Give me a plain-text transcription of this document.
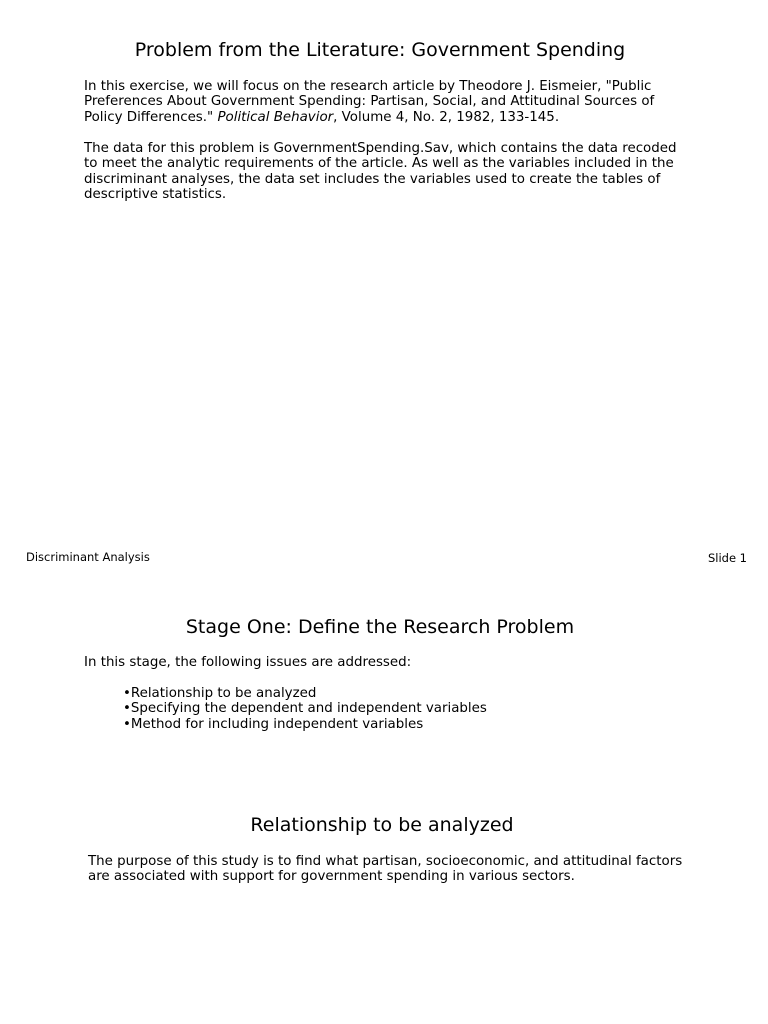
Problem from the Literature: Government Spending

In this exercise, we will focus on the research article by Theodore J. Eismeier, "Public Preferences About Government Spending: Partisan, Social, and Attitudinal Sources of Policy Differences." Political Behavior, Volume 4, No. 2, 1982, 133-145.

The data for this problem is GovernmentSpending.Sav, which contains the data recoded to meet the analytic requirements of the article. As well as the variables included in the discriminant analyses, the data set includes the variables used to create the tables of descriptive statistics.

Discriminant Analysis	Slide 1

Stage One: Define the Research Problem

In this stage, the following issues are addressed:

•Relationship to be analyzed
•Specifying the dependent and independent variables
•Method for including independent variables
Relationship to be analyzed

The purpose of this study is to find what partisan, socioeconomic, and attitudinal factors are associated with support for government spending in various sectors.
